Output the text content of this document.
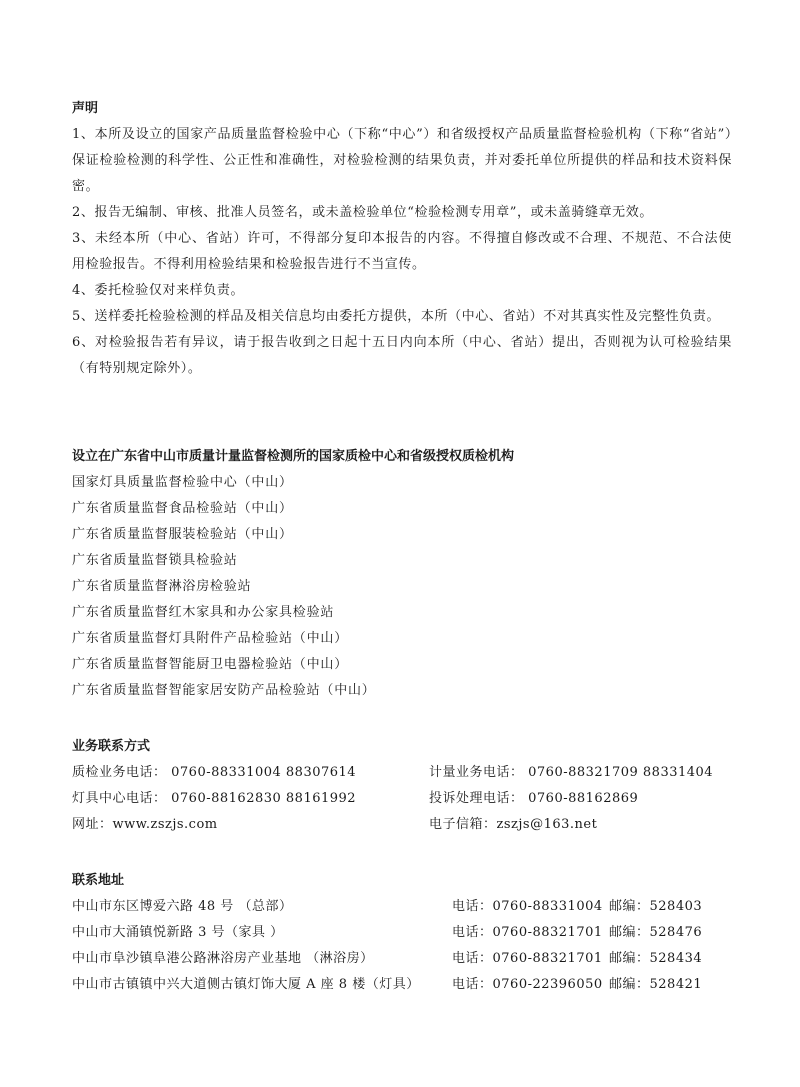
声明

1、本所及设立的国家产品质量监督检验中心（下称“中心”）和省级授权产品质量监督检验机构（下称“省站”）保证检验检测的科学性、公正性和准确性，对检验检测的结果负责，并对委托单位所提供的样品和技术资料保密。

2、报告无编制、审核、批准人员签名，或未盖检验单位“检验检测专用章”，或未盖骑缝章无效。

3、未经本所（中心、省站）许可，不得部分复印本报告的内容。不得擅自修改或不合理、不规范、不合法使用检验报告。不得利用检验结果和检验报告进行不当宣传。

4、委托检验仅对来样负责。

5、送样委托检验检测的样品及相关信息均由委托方提供，本所（中心、省站）不对其真实性及完整性负责。

6、对检验报告若有异议，请于报告收到之日起十五日内向本所（中心、省站）提出，否则视为认可检验结果（有特别规定除外）。

设立在广东省中山市质量计量监督检测所的国家质检中心和省级授权质检机构

国家灯具质量监督检验中心（中山）

广东省质量监督食品检验站（中山）

广东省质量监督服装检验站（中山）

广东省质量监督锁具检验站

广东省质量监督淋浴房检验站

广东省质量监督红木家具和办公家具检验站

广东省质量监督灯具附件产品检验站（中山）

广东省质量监督智能厨卫电器检验站（中山）

广东省质量监督智能家居安防产品检验站（中山）

业务联系方式
质检业务电话： 0760-88331004 88307614	计量业务电话： 0760-88321709 88331404
灯具中心电话： 0760-88162830 88161992	投诉处理电话： 0760-88162869
网址：www.zszjs.com	电子信箱：zszjs@163.net
联系地址
中山市东区博爱六路 48 号 （总部）	电话：0760-88331004 邮编：528403
中山市大涌镇悦新路 3 号（家具 ）	电话：0760-88321701 邮编：528476
中山市阜沙镇阜港公路淋浴房产业基地 （淋浴房）	电话：0760-88321701 邮编：528434
中山市古镇镇中兴大道侧古镇灯饰大厦 A 座 8 楼（灯具） 电话：0760-22396050 邮编：528421
